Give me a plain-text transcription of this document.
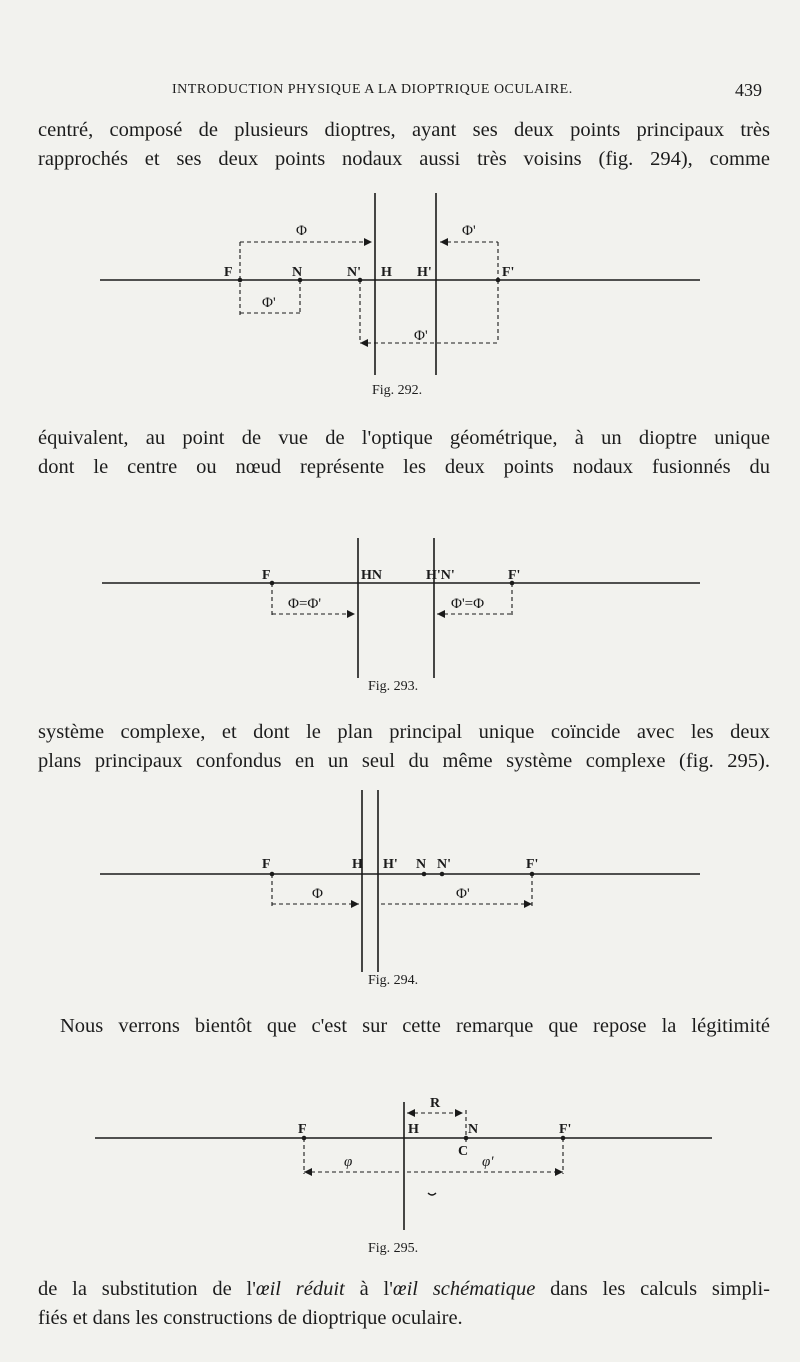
INTRODUCTION PHYSIQUE A LA DIOPTRIQUE OCULAIRE.	439

centré, composé de plusieurs dioptres, ayant ses deux points principaux très
rapprochés et ses deux points nodaux aussi très voisins (fig. 294), comme

F	N	N' H H'	F'
Φ	Φ'
Φ'
Φ'
Fig. 292.

équivalent, au point de vue de l'optique géométrique, à un dioptre unique
dont le centre ou nœud représente les deux points nodaux fusionnés du

F	HN	H'N'	F'
Φ=Φ'	Φ'=Φ
Fig. 293.

système complexe, et dont le plan principal unique coïncide avec les deux
plans principaux confondus en un seul du même système complexe (fig. 295).

F	H H' N N'	F'
Φ	Φ'
Fig. 294.

Nous verrons bientôt que c'est sur cette remarque que repose la légitimité

R
F	H	N
C
F'
φ	φ'
Fig. 295.

de la substitution de l'œil réduit à l'œil schématique dans les calculs simpli-
fiés et dans les constructions de dioptrique oculaire.
